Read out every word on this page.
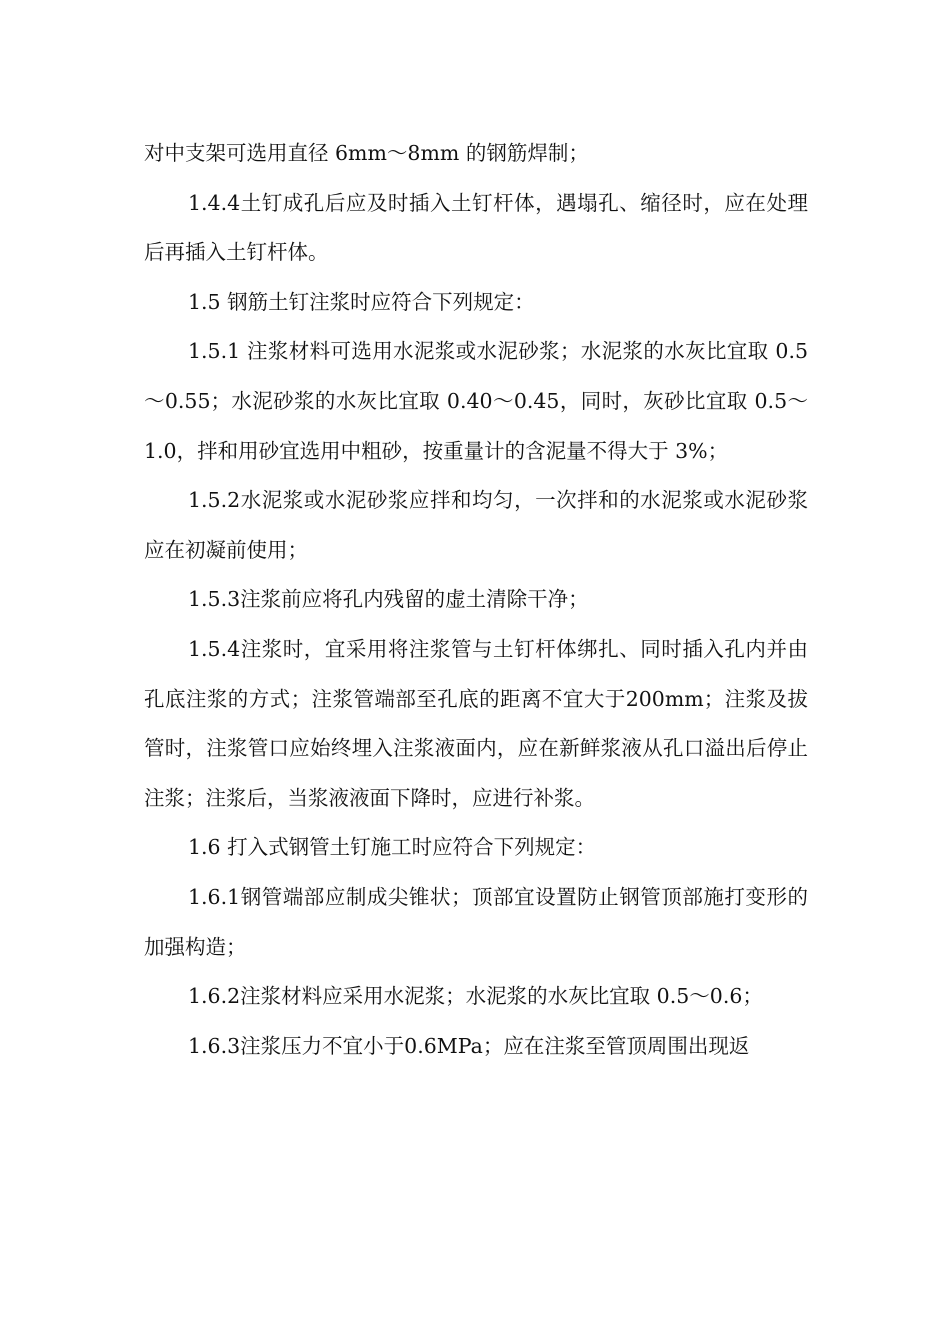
对中支架可选用直径 6mm～8mm 的钢筋焊制；

1.4.4土钉成孔后应及时插入土钉杆体，遇塌孔、缩径时，应在处理后再插入土钉杆体。

1.5 钢筋土钉注浆时应符合下列规定：

1.5.1 注浆材料可选用水泥浆或水泥砂浆；水泥浆的水灰比宜取 0.5～0.55；水泥砂浆的水灰比宜取 0.40～0.45，同时，灰砂比宜取 0.5～1.0，拌和用砂宜选用中粗砂，按重量计的含泥量不得大于 3%；

1.5.2水泥浆或水泥砂浆应拌和均匀，一次拌和的水泥浆或水泥砂浆应在初凝前使用；

1.5.3注浆前应将孔内残留的虚土清除干净；

1.5.4注浆时，宜采用将注浆管与土钉杆体绑扎、同时插入孔内并由孔底注浆的方式；注浆管端部至孔底的距离不宜大于200mm；注浆及拔管时，注浆管口应始终埋入注浆液面内，应在新鲜浆液从孔口溢出后停止注浆；注浆后，当浆液液面下降时，应进行补浆。

1.6 打入式钢管土钉施工时应符合下列规定：

1.6.1钢管端部应制成尖锥状；顶部宜设置防止钢管顶部施打变形的加强构造；

1.6.2注浆材料应采用水泥浆；水泥浆的水灰比宜取 0.5～0.6；

1.6.3注浆压力不宜小于0.6MPa；应在注浆至管顶周围出现返
